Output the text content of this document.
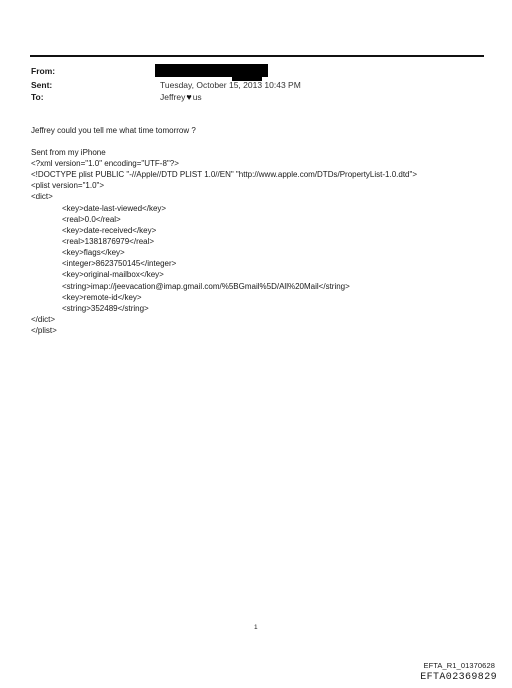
From:
Sent:	Tuesday, October 15, 2013 10:43 PM
To:	Jeffrey♥us
Jeffrey could you tell me what time tomorrow ?
Sent from my iPhone
<?xml version="1.0" encoding="UTF-8"?>
<!DOCTYPE plist PUBLIC "-//Apple//DTD PLIST 1.0//EN" "http://www.apple.com/DTDs/PropertyList-1.0.dtd">
<plist version="1.0">
<dict>
<key>date-last-viewed</key>
<real>0.0</real>
<key>date-received</key>
<real>1381876979</real>
<key>flags</key>
<integer>8623750145</integer>
<key>original-mailbox</key>
<string>imap://jeevacation@imap.gmail.com/%5BGmail%5D/All%20Mail</string>
<key>remote-id</key>
<string>352489</string>
</dict>
</plist>
1
EFTA_R1_01370628
EFTA02369829
